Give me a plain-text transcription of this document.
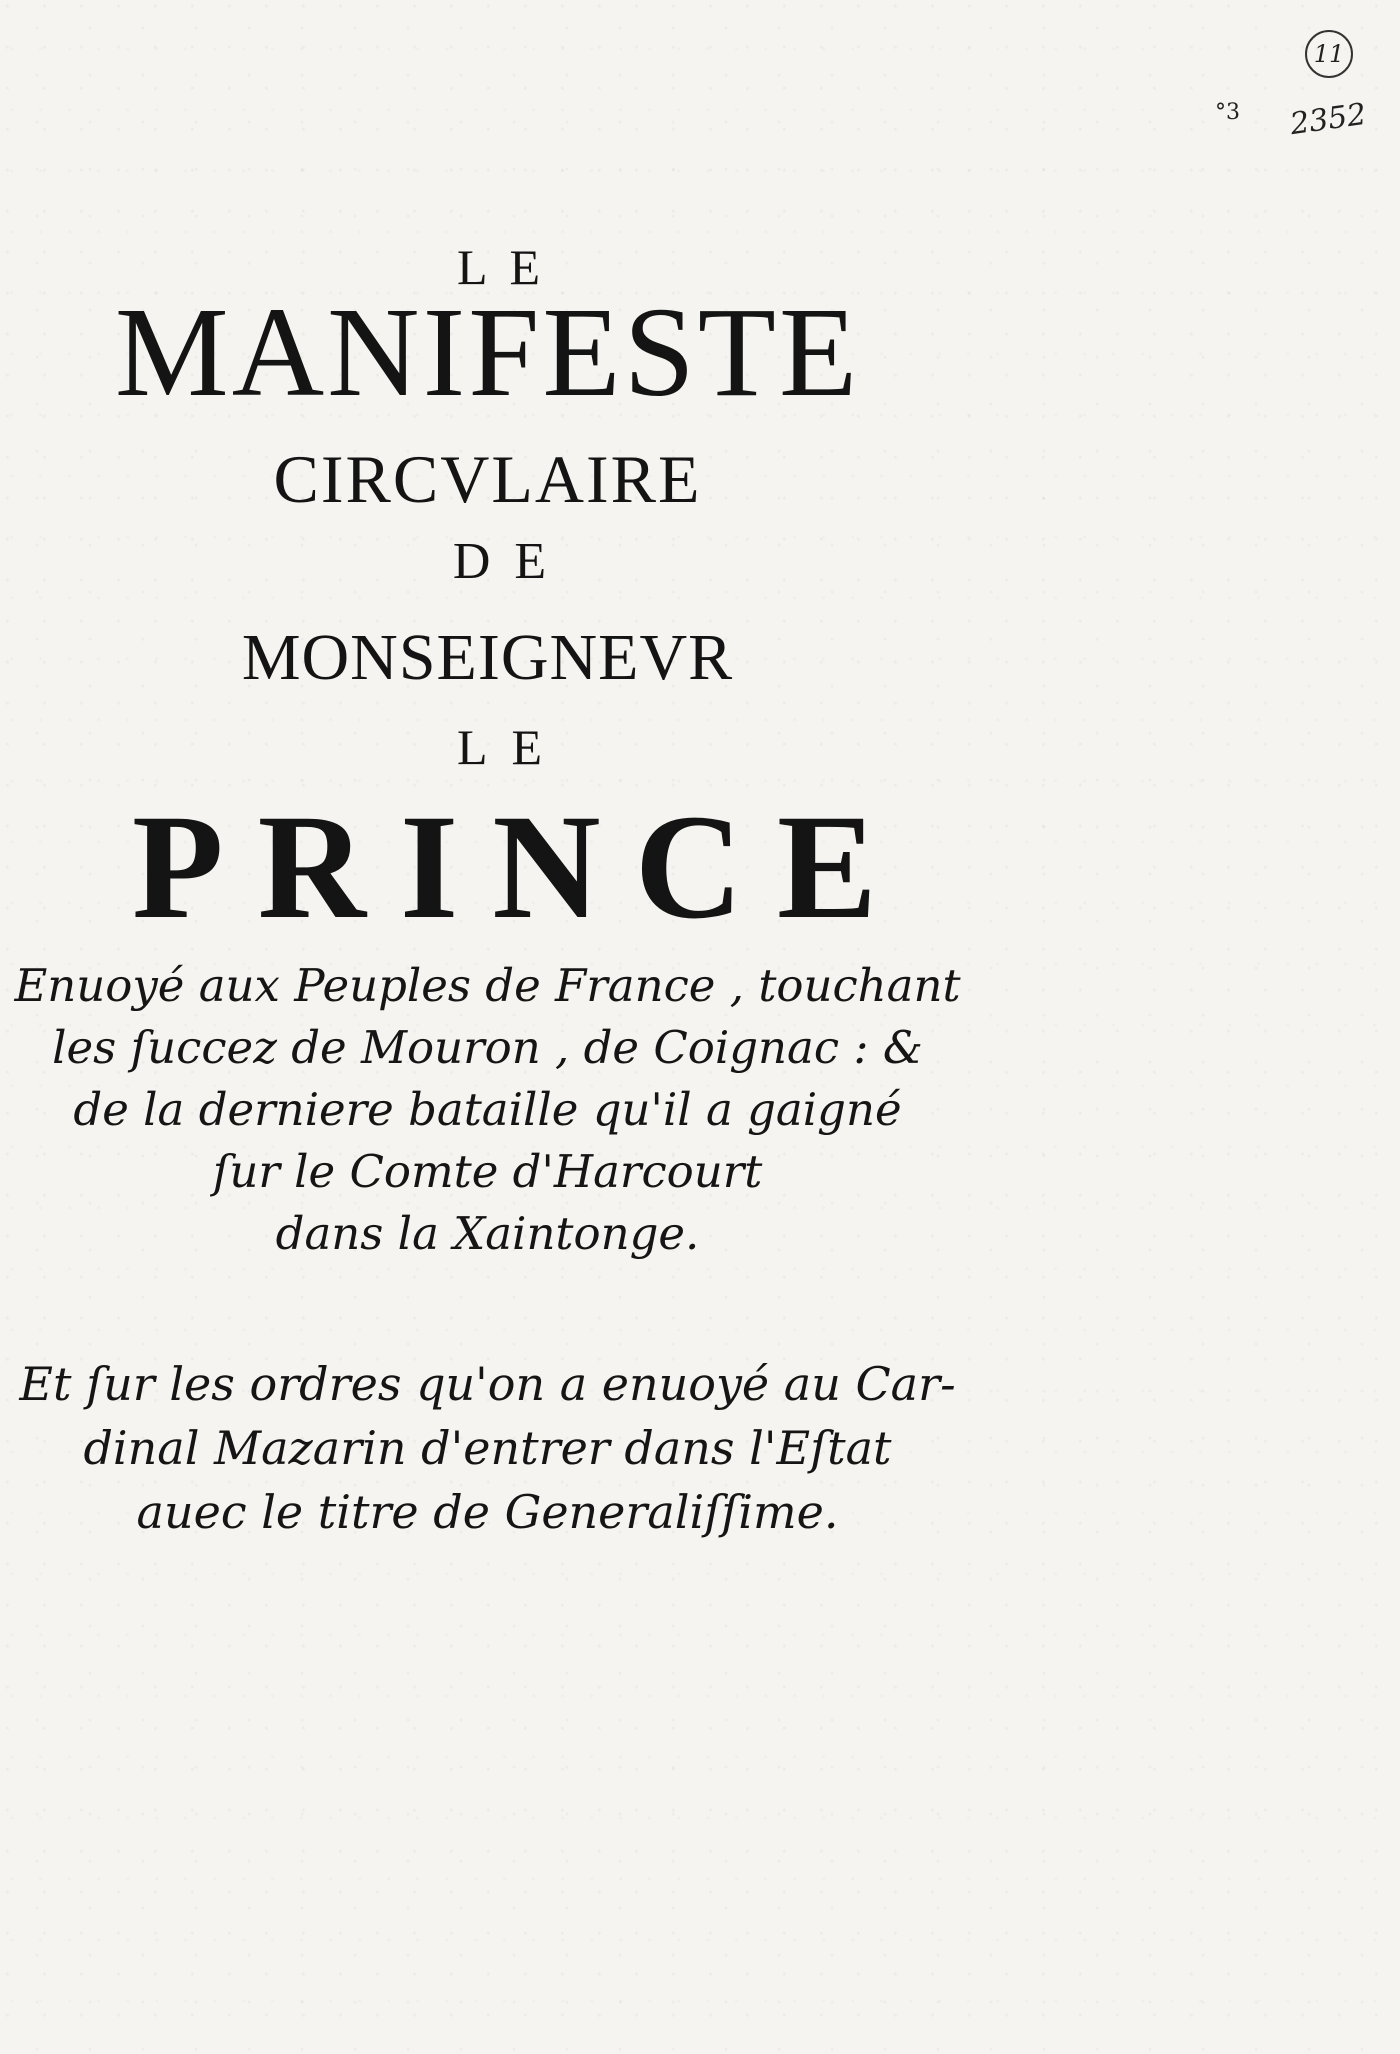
11
°3 2352
LE
MANIFESTE
CIRCVLAIRE
DE
MONSEIGNEVR
LE
PRINCE
Enuoyé aux Peuples de France , touchant
les ſuccez de Mouron , de Coignac : &
de la derniere bataille qu'il a gaigné
ſur le Comte d'Harcourt
dans la Xaintonge.
Et ſur les ordres qu'on a enuoyé au Car-
dinal Mazarin d'entrer dans l'Eſtat
auec le titre de Generaliſſime.
